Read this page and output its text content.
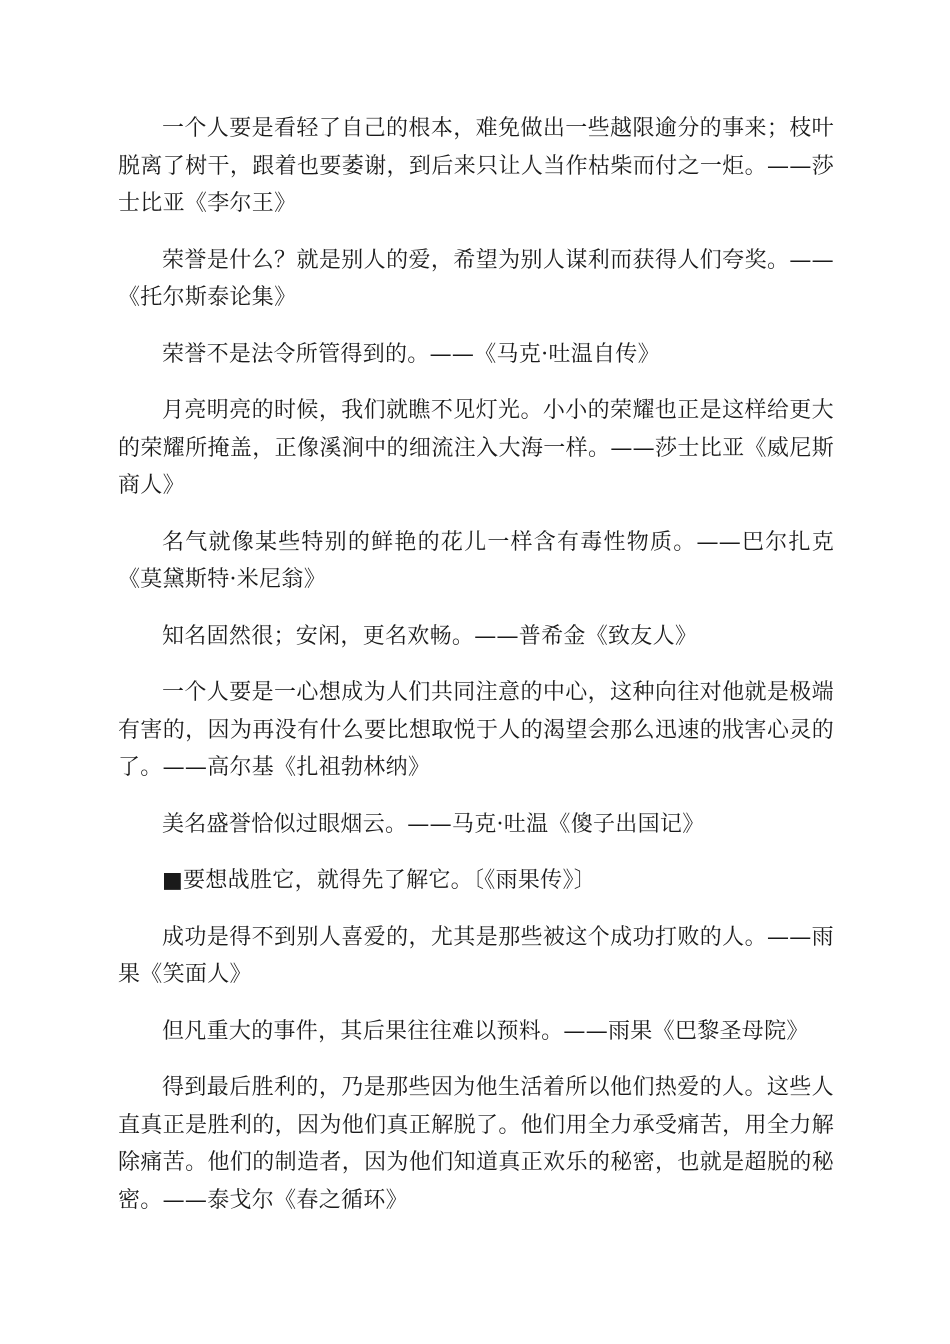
一个人要是看轻了自己的根本，难免做出一些越限逾分的事来；枝叶脱离了树干，跟着也要萎谢，到后来只让人当作枯柴而付之一炬。——莎士比亚《李尔王》

荣誉是什么？就是别人的爱，希望为别人谋利而获得人们夸奖。——《托尔斯泰论集》

荣誉不是法令所管得到的。——《马克·吐温自传》

月亮明亮的时候，我们就瞧不见灯光。小小的荣耀也正是这样给更大的荣耀所掩盖，正像溪涧中的细流注入大海一样。——莎士比亚《威尼斯商人》

名气就像某些特别的鲜艳的花儿一样含有毒性物质。——巴尔扎克《莫黛斯特·米尼翁》

知名固然很；安闲，更名欢畅。——普希金《致友人》

一个人要是一心想成为人们共同注意的中心，这种向往对他就是极端有害的，因为再没有什么要比想取悦于人的渴望会那么迅速的戕害心灵的了。——高尔基《扎祖勃林纳》

美名盛誉恰似过眼烟云。——马克·吐温《傻子出国记》

■要想战胜它，就得先了解它。〔《雨果传》〕

成功是得不到别人喜爱的，尤其是那些被这个成功打败的人。——雨果《笑面人》

但凡重大的事件，其后果往往难以预料。——雨果《巴黎圣母院》

得到最后胜利的，乃是那些因为他生活着所以他们热爱的人。这些人直真正是胜利的，因为他们真正解脱了。他们用全力承受痛苦，用全力解除痛苦。他们的制造者，因为他们知道真正欢乐的秘密，也就是超脱的秘密。——泰戈尔《春之循环》
